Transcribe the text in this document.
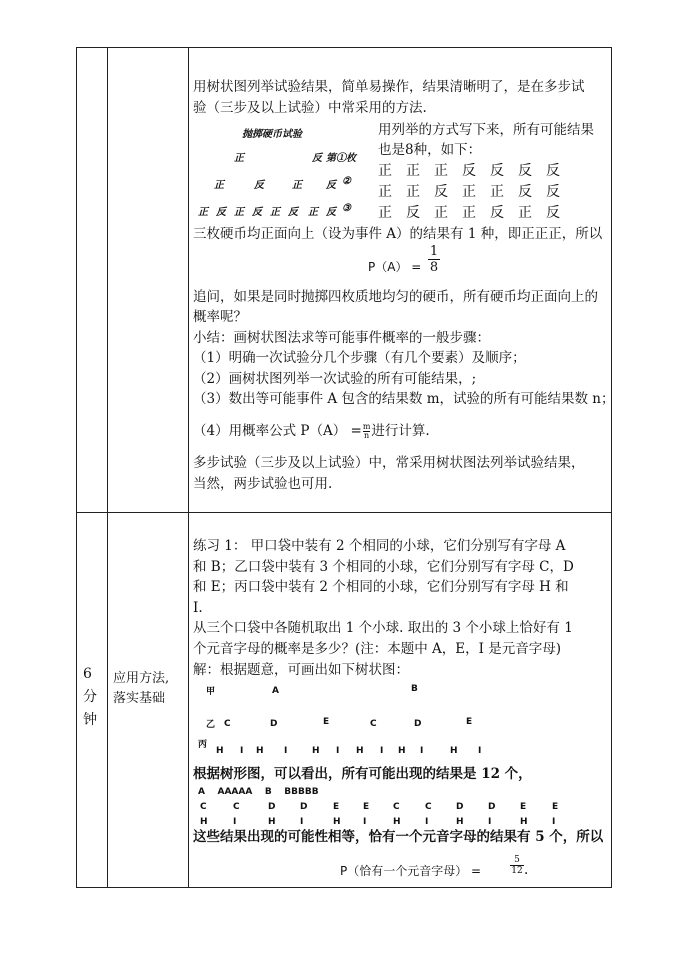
用树状图列举试验结果，简单易操作，结果清晰明了，是在多步试
验（三步及以上试验）中常采用的方法.
抛掷硬币试验
正	反 第①枚
正	反	正 反 ②
正 反 正 反 正 反 正 反 ③
用列举的方式写下来，所有可能结果
也是8种，如下：
正 正 正 反 反 反 反
正 正 反 正 正 反 反
正 反 正 正 反 正 反
三枚硬币均正面向上（设为事件 A）的结果有 1 种，即正正正，所以
$P(A) = \frac{1}{8}$
追问，如果是同时抛掷四枚质地均匀的硬币，所有硬币均正面向上的
概率呢？
小结：画树状图法求等可能事件概率的一般步骤：
（1）明确一次试验分几个步骤（有几个要素）及顺序；
（2）画树状图列举一次试验的所有可能结果，;
（3）数出等可能事件 A 包含的结果数 m，试验的所有可能结果数 n；
（4）用概率公式 $P(A) = \frac{m}{n}$ 进行计算.
多步试验（三步及以上试验）中，常采用树状图法列举试验结果，
当然，两步试验也可用.
6
分
钟
应用方法,
落实基础
练习 1： 甲口袋中装有 2 个相同的小球，它们分别写有字母 A
和 B；乙口袋中装有 3 个相同的小球，它们分别写有字母 C，D
和 E；丙口袋中装有 2 个相同的小球，它们分别写有字母 H 和
I.
从三个口袋中各随机取出 1 个小球. 取出的 3 个小球上恰好有 1
个元音字母的概率是多少？(注：本题中 A，E，I 是元音字母)
解：根据题意，可画出如下树状图：
甲	A	B
乙 C	D	E	C	D	E
丙
H I H I	H I H I H I	H I
根据树形图，可以看出，所有可能出现的结果是 12 个，
A    AAAAA    B    BBBBB
C	C	D	D	E	E	C	C	D	D	E	E
H	I	H	I	H I	H	I	H	I	H	I
这些结果出现的可能性相等，恰有一个元音字母的结果有 5 个，所以
P（恰有一个元音字母） =	$\frac{5}{12}$ .
